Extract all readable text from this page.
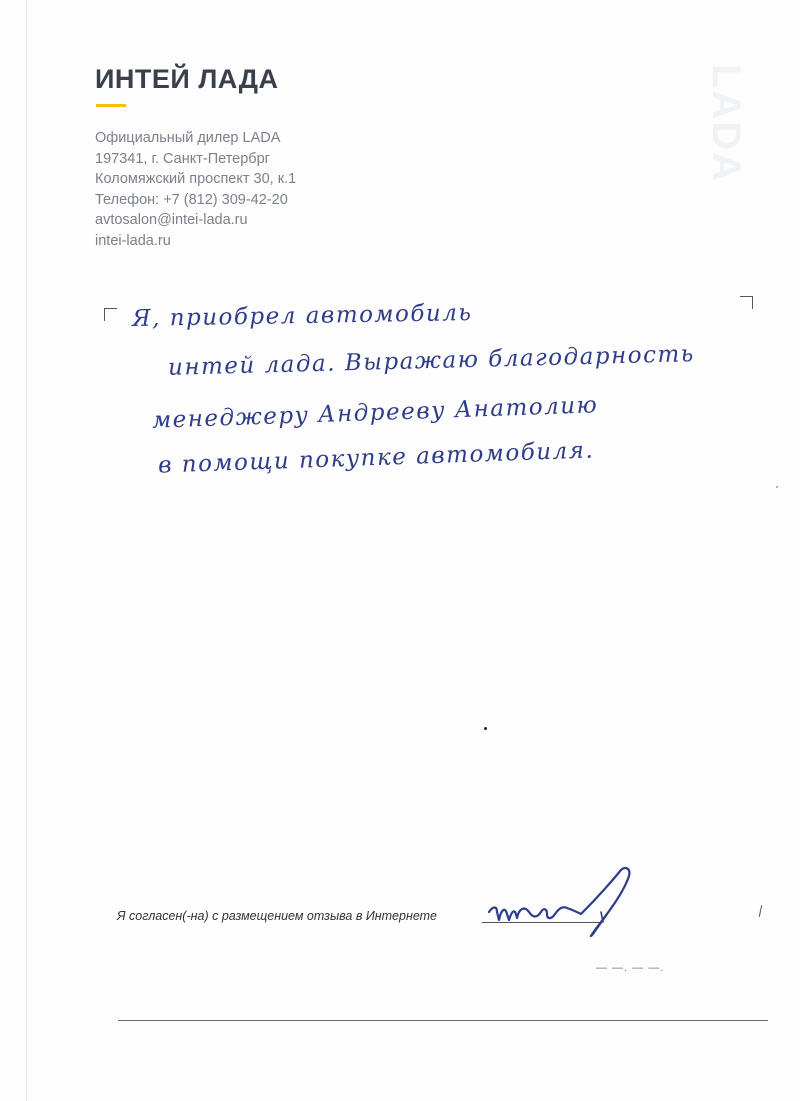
ИНТЕЙ ЛАДА
Официальный дилер LADA
197341, г. Санкт-Петербрг
Коломяжский проспект 30, к.1
Телефон: +7 (812) 309-42-20
avtosalon@intei-lada.ru
intei-lada.ru
LADA
Я, приобрел автомобиль
интей лада. Выражаю благодарность
менеджеру Андрееву Анатолию
в помощи покупке автомобиля.
Я согласен(-на) с размещением отзыва в Интернете
— —. — —.
